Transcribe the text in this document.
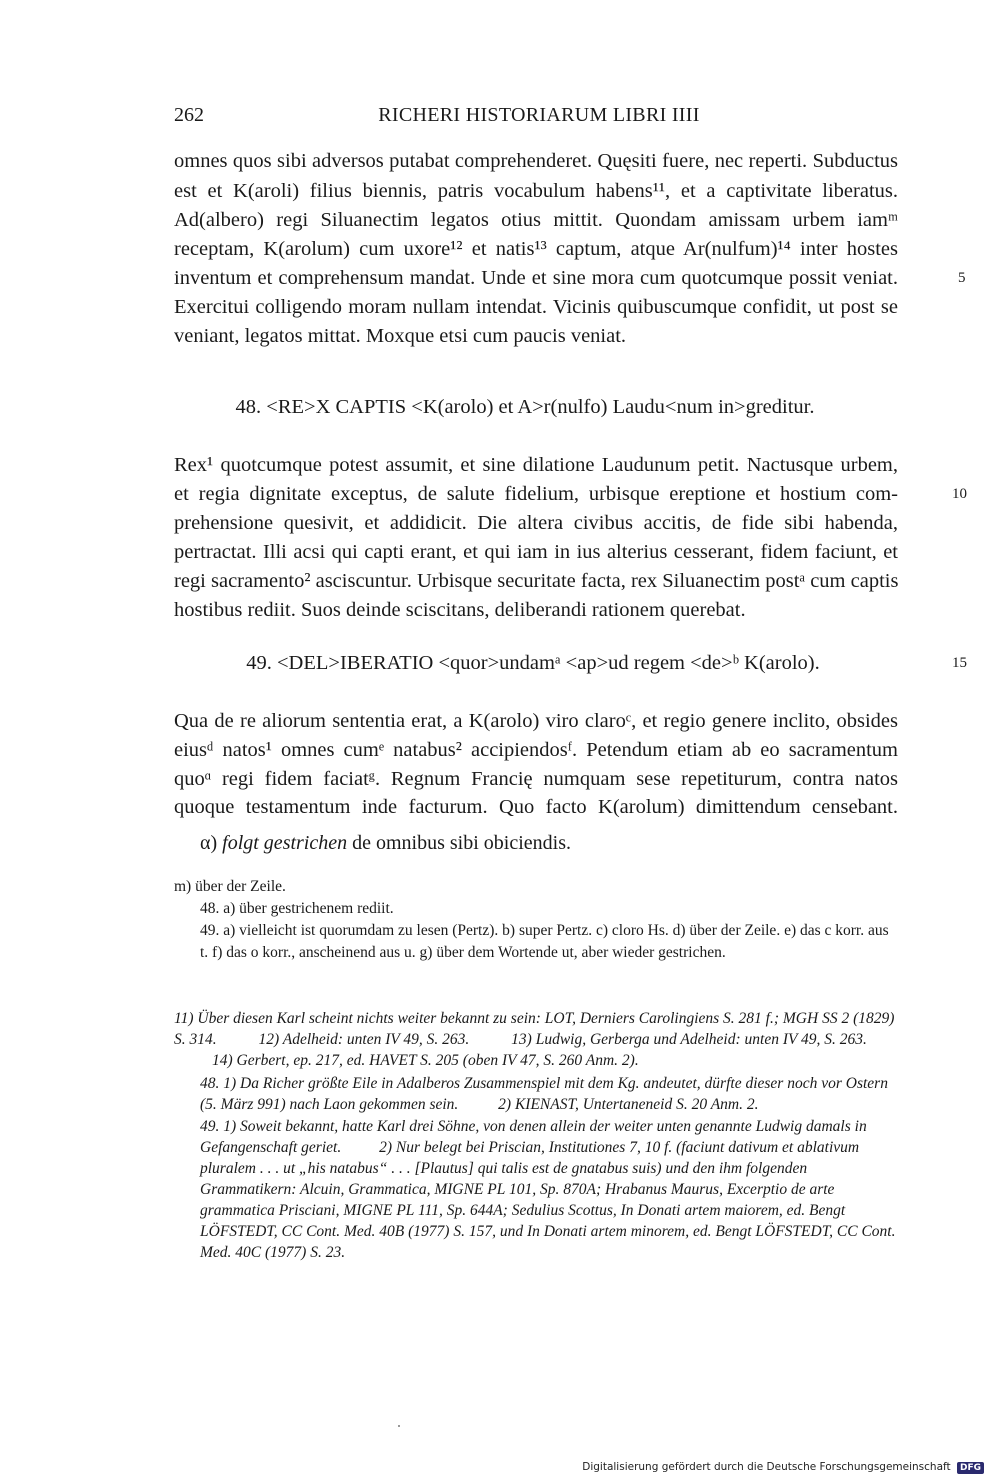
262	RICHERI HISTORIARUM LIBRI IIII
omnes quos sibi adversos putabat comprehenderet. Quęsiti fuere, nec reperti. Subductus
est et K(aroli) filius biennis, patris vocabulum habens¹¹, et a captivitate liberatus.
Ad(albero) regi Siluanectim legatos otius mittit. Quondam amissam urbem iamᵐ
receptam, K(arolum) cum uxore¹² et natis¹³ captum, atque Ar(nulfum)¹⁴ inter hostes
inventum et comprehensum mandat. Unde et sine mora cum quotcumque possit veniat.	5
Exercitui colligendo moram nullam intendat. Vicinis quibuscumque confidit, ut post se
veniant, legatos mittat. Moxque etsi cum paucis veniat.
48. <RE>X CAPTIS <K(arolo) et A>r(nulfo) Laudu<num in>greditur.
Rex¹ quotcumque potest assumit, et sine dilatione Laudunum petit. Nactusque urbem,
et regia dignitate exceptus, de salute fidelium, urbisque ereptione et hostium com-	10
prehensione quesivit, et addidicit. Die altera civibus accitis, de fide sibi habenda,
pertractat. Illi acsi qui capti erant, et qui iam in ius alterius cesserant, fidem faciunt, et
regi sacramento² asciscuntur. Urbisque securitate facta, rex Siluanectim postᵃ cum captis
hostibus rediit. Suos deinde sciscitans, deliberandi rationem querebat.
49. <DEL>IBERATIO <quor>undamᵃ <ap>ud regem <de>ᵇ K(arolo).	15
Qua de re aliorum sententia erat, a K(arolo) viro claroᶜ, et regio genere inclito, obsides
eiusᵈ natos¹ omnes cumᵉ natabus² accipiendosᶠ. Petendum etiam ab eo sacramentum
quoᵅ regi fidem faciatᵍ. Regnum Francię numquam sese repetiturum, contra natos
quoque testamentum inde facturum. Quo facto K(arolum) dimittendum censebant.
α) folgt gestrichen de omnibus sibi obiciendis.
m) über der Zeile.
48. a) über gestrichenem rediit.
49. a) vielleicht ist quorumdam zu lesen (Pertz). b) super Pertz. c) cloro Hs. d) über der Zeile. e) das c korr. aus t. f) das o korr., anscheinend aus u. g) über dem Wortende ut, aber wieder gestrichen.
11) Über diesen Karl scheint nichts weiter bekannt zu sein: LOT, Derniers Carolingiens S. 281 f.; MGH SS 2 (1829) S. 314.	12) Adelheid: unten IV 49, S. 263.	13) Ludwig, Gerberga und Adelheid: unten IV 49, S. 263. 14) Gerbert, ep. 217, ed. HAVET S. 205 (oben IV 47, S. 260 Anm. 2).
48. 1) Da Richer größte Eile in Adalberos Zusammenspiel mit dem Kg. andeutet, dürfte dieser noch vor Ostern (5. März 991) nach Laon gekommen sein.	2) KIENAST, Untertaneneid S. 20 Anm. 2.
49. 1) Soweit bekannt, hatte Karl drei Söhne, von denen allein der weiter unten genannte Ludwig damals in Gefangenschaft geriet. 2) Nur belegt bei Priscian, Institutiones 7, 10 f. (faciunt dativum et ablativum pluralem . . . ut „his natabus“ . . . [Plautus] qui talis est de gnatabus suis) und den ihm folgenden Grammatikern: Alcuin, Grammatica, MIGNE PL 101, Sp. 870A; Hrabanus Maurus, Excerptio de arte grammatica Prisciani, MIGNE PL 111, Sp. 644A; Sedulius Scottus, In Donati artem maiorem, ed. Bengt LÖFSTEDT, CC Cont. Med. 40B (1977) S. 157, und In Donati artem minorem, ed. Bengt LÖFSTEDT, CC Cont. Med. 40C (1977) S. 23.
Digitalisierung gefördert durch die Deutsche Forschungsgemeinschaft DFG
